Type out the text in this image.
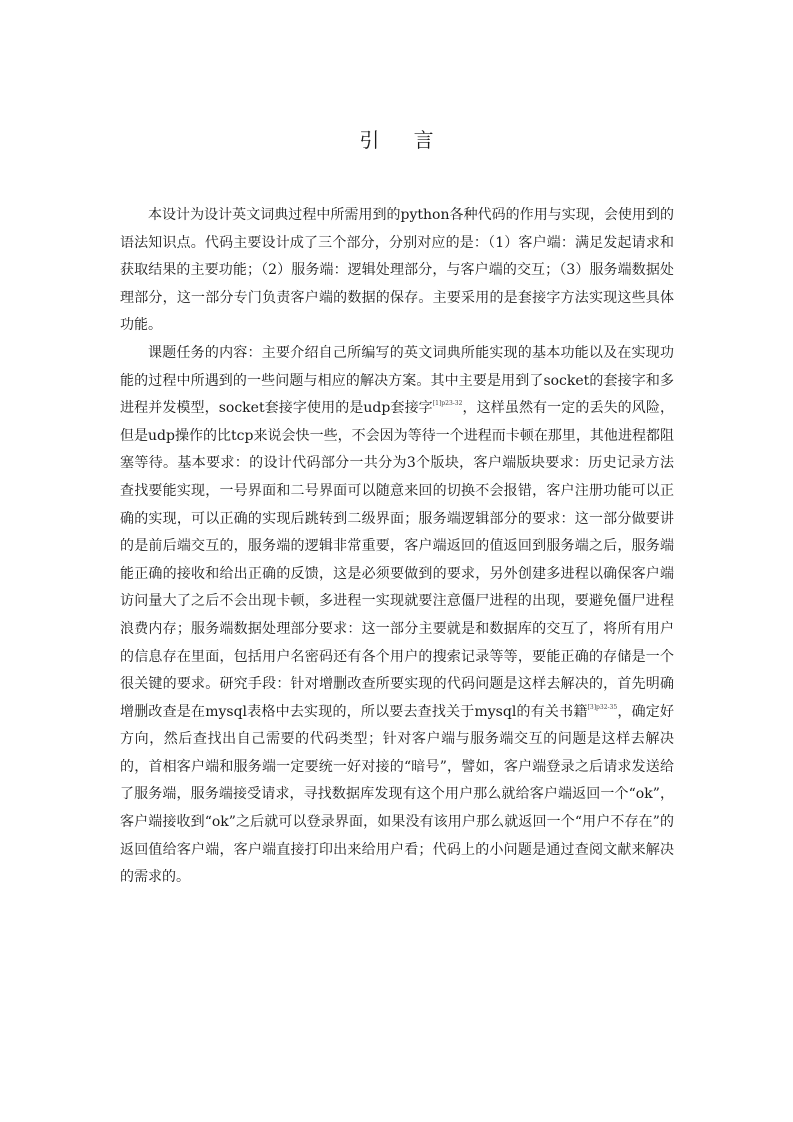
引 言

本设计为设计英文词典过程中所需用到的python各种代码的作用与实现，会使用到的语法知识点。代码主要设计成了三个部分，分别对应的是：（1）客户端：满足发起请求和获取结果的主要功能；（2）服务端：逻辑处理部分，与客户端的交互；（3）服务端数据处理部分，这一部分专门负责客户端的数据的保存。主要采用的是套接字方法实现这些具体功能。

课题任务的内容：主要介绍自己所编写的英文词典所能实现的基本功能以及在实现功能的过程中所遇到的一些问题与相应的解决方案。其中主要是用到了socket的套接字和多进程并发模型，socket套接字使用的是udp套接字$^{[1]p23-32}$，这样虽然有一定的丢失的风险，但是udp操作的比tcp来说会快一些，不会因为等待一个进程而卡顿在那里，其他进程都阻塞等待。基本要求：的设计代码部分一共分为3个版块，客户端版块要求：历史记录方法查找要能实现，一号界面和二号界面可以随意来回的切换不会报错，客户注册功能可以正确的实现，可以正确的实现后跳转到二级界面；服务端逻辑部分的要求：这一部分做要讲的是前后端交互的，服务端的逻辑非常重要，客户端返回的值返回到服务端之后，服务端能正确的接收和给出正确的反馈，这是必须要做到的要求，另外创建多进程以确保客户端访问量大了之后不会出现卡顿，多进程一实现就要注意僵尸进程的出现，要避免僵尸进程浪费内存；服务端数据处理部分要求：这一部分主要就是和数据库的交互了，将所有用户的信息存在里面，包括用户名密码还有各个用户的搜索记录等等，要能正确的存储是一个很关键的要求。研究手段：针对增删改查所要实现的代码问题是这样去解决的，首先明确增删改查是在mysql表格中去实现的，所以要去查找关于mysql的有关书籍$^{[3]p32-35}$，确定好方向，然后查找出自己需要的代码类型；针对客户端与服务端交互的问题是这样去解决的，首相客户端和服务端一定要统一好对接的“暗号”，譬如，客户端登录之后请求发送给了服务端，服务端接受请求，寻找数据库发现有这个用户那么就给客户端返回一个“ok”，客户端接收到“ok”之后就可以登录界面，如果没有该用户那么就返回一个“用户不存在”的返回值给客户端，客户端直接打印出来给用户看；代码上的小问题是通过查阅文献来解决的需求的。
